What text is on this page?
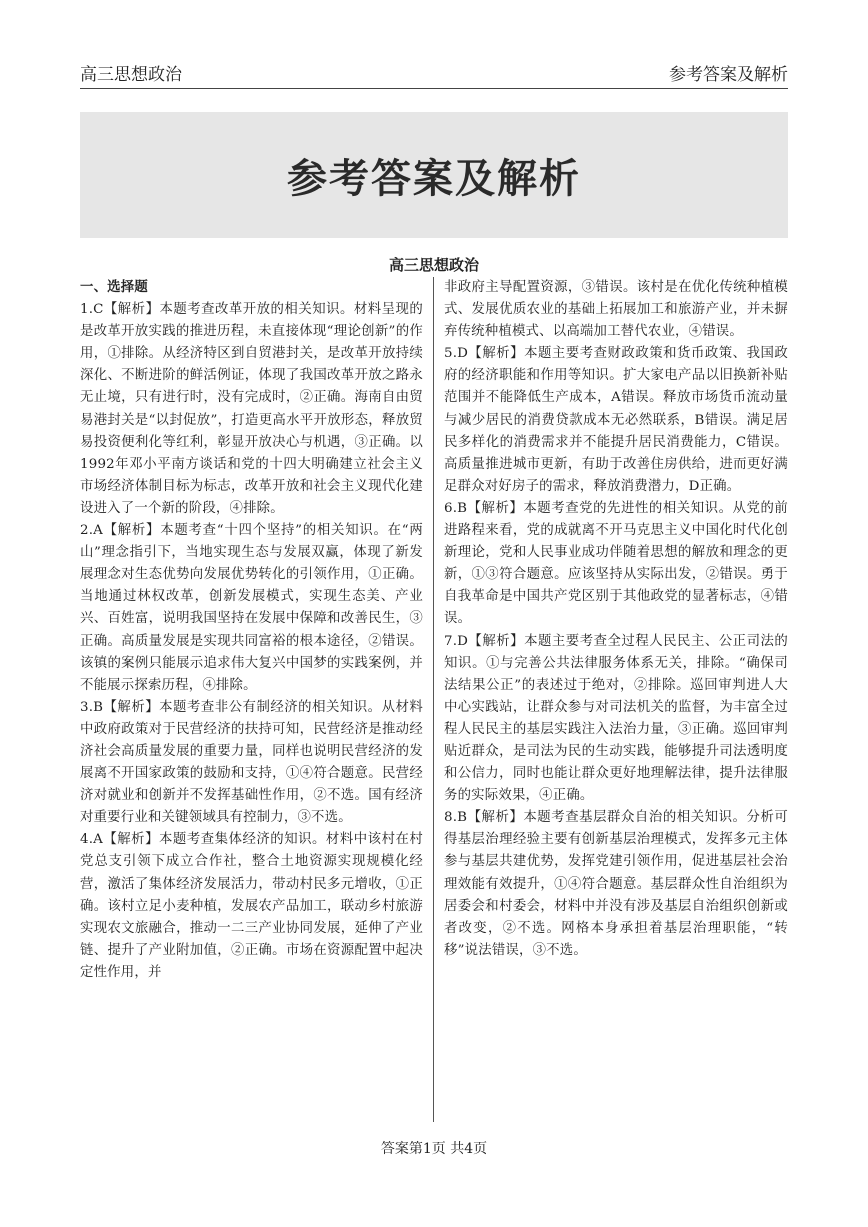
高三思想政治	参考答案及解析
参考答案及解析
高三思想政治

一、选择题

1.C【解析】本题考查改革开放的相关知识。材料呈现的是改革开放实践的推进历程，未直接体现“理论创新”的作用，①排除。从经济特区到自贸港封关，是改革开放持续深化、不断进阶的鲜活例证，体现了我国改革开放之路永无止境，只有进行时，没有完成时，②正确。海南自由贸易港封关是“以封促放”，打造更高水平开放形态，释放贸易投资便利化等红利，彰显开放决心与机遇，③正确。以1992年邓小平南方谈话和党的十四大明确建立社会主义市场经济体制目标为标志，改革开放和社会主义现代化建设进入了一个新的阶段，④排除。

2.A【解析】本题考查“十四个坚持”的相关知识。在“两山”理念指引下，当地实现生态与发展双赢，体现了新发展理念对生态优势向发展优势转化的引领作用，①正确。当地通过林权改革，创新发展模式，实现生态美、产业兴、百姓富，说明我国坚持在发展中保障和改善民生，③正确。高质量发展是实现共同富裕的根本途径，②错误。该镇的案例只能展示追求伟大复兴中国梦的实践案例，并不能展示探索历程，④排除。

3.B【解析】本题考查非公有制经济的相关知识。从材料中政府政策对于民营经济的扶持可知，民营经济是推动经济社会高质量发展的重要力量，同样也说明民营经济的发展离不开国家政策的鼓励和支持，①④符合题意。民营经济对就业和创新并不发挥基础性作用，②不选。国有经济对重要行业和关键领域具有控制力，③不选。

4.A【解析】本题考查集体经济的知识。材料中该村在村党总支引领下成立合作社，整合土地资源实现规模化经营，激活了集体经济发展活力，带动村民多元增收，①正确。该村立足小麦种植，发展农产品加工，联动乡村旅游实现农文旅融合，推动一二三产业协同发展，延伸了产业链、提升了产业附加值，②正确。市场在资源配置中起决定性作用，并

非政府主导配置资源，③错误。该村是在优化传统种植模式、发展优质农业的基础上拓展加工和旅游产业，并未摒弃传统种植模式、以高端加工替代农业，④错误。

5.D【解析】本题主要考查财政政策和货币政策、我国政府的经济职能和作用等知识。扩大家电产品以旧换新补贴范围并不能降低生产成本，A错误。释放市场货币流动量与减少居民的消费贷款成本无必然联系，B错误。满足居民多样化的消费需求并不能提升居民消费能力，C错误。高质量推进城市更新，有助于改善住房供给，进而更好满足群众对好房子的需求，释放消费潜力，D正确。

6.B【解析】本题考查党的先进性的相关知识。从党的前进路程来看，党的成就离不开马克思主义中国化时代化创新理论，党和人民事业成功伴随着思想的解放和理念的更新，①③符合题意。应该坚持从实际出发，②错误。勇于自我革命是中国共产党区别于其他政党的显著标志，④错误。

7.D【解析】本题主要考查全过程人民民主、公正司法的知识。①与完善公共法律服务体系无关，排除。“确保司法结果公正”的表述过于绝对，②排除。巡回审判进人大中心实践站，让群众参与对司法机关的监督，为丰富全过程人民民主的基层实践注入法治力量，③正确。巡回审判贴近群众，是司法为民的生动实践，能够提升司法透明度和公信力，同时也能让群众更好地理解法律，提升法律服务的实际效果，④正确。

8.B【解析】本题考查基层群众自治的相关知识。分析可得基层治理经验主要有创新基层治理模式，发挥多元主体参与基层共建优势，发挥党建引领作用，促进基层社会治理效能有效提升，①④符合题意。基层群众性自治组织为居委会和村委会，材料中并没有涉及基层自治组织创新或者改变，②不选。网格本身承担着基层治理职能，“转移”说法错误，③不选。

答案第1页 共4页
